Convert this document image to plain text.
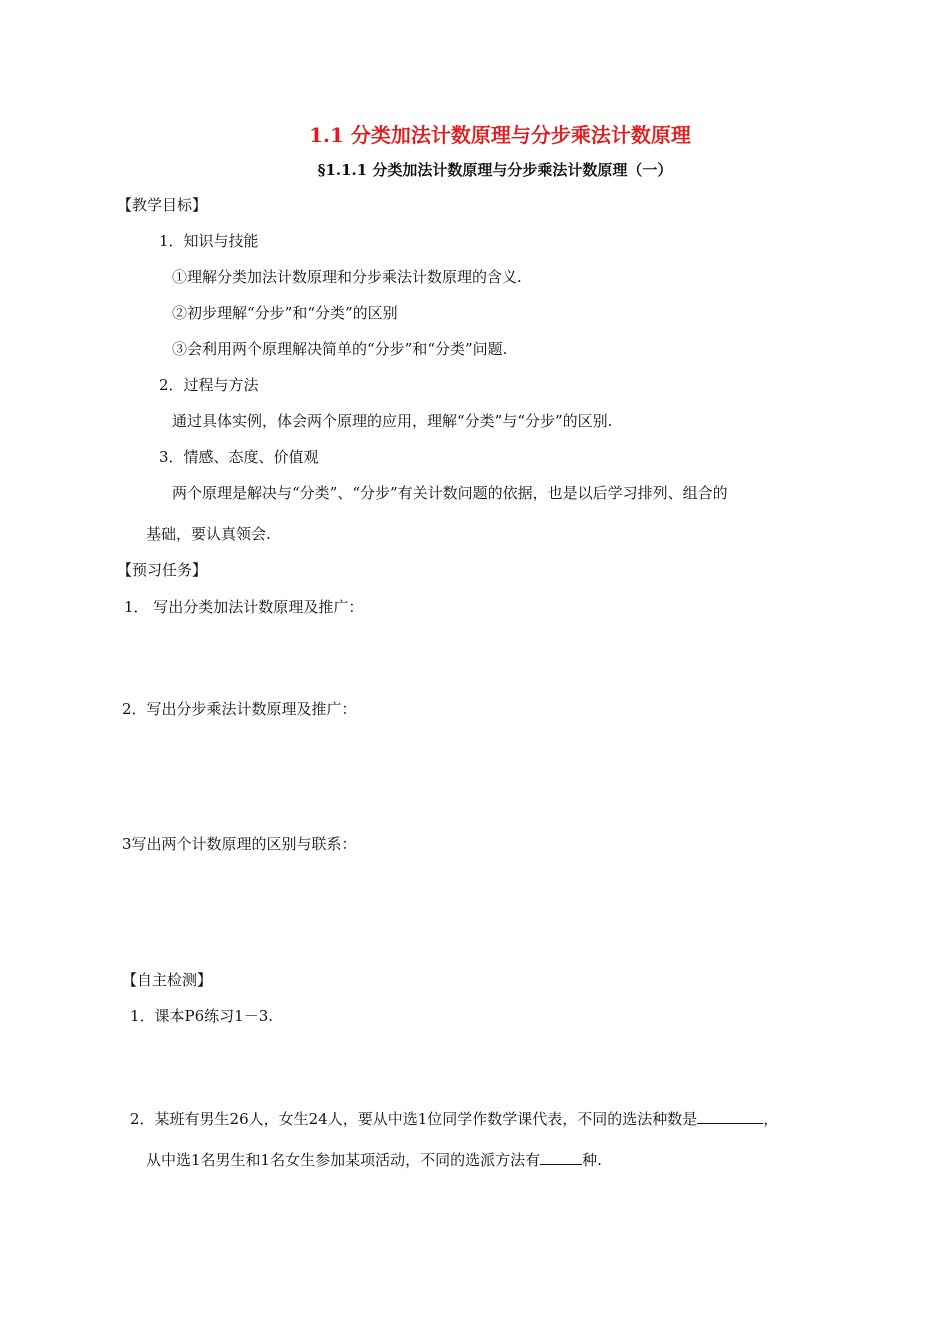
1.1 分类加法计数原理与分步乘法计数原理
§1.1.1 分类加法计数原理与分步乘法计数原理（一）
【教学目标】
1．知识与技能
①理解分类加法计数原理和分步乘法计数原理的含义.
②初步理解“分步”和“分类”的区别
③会利用两个原理解决简单的“分步”和“分类”问题.
2．过程与方法
通过具体实例，体会两个原理的应用，理解“分类”与“分步”的区别.
3．情感、态度、价值观
两个原理是解决与“分类”、“分步”有关计数问题的依据，也是以后学习排列、组合的
基础，要认真领会.
【预习任务】
1． 写出分类加法计数原理及推广：
2．写出分步乘法计数原理及推广：
3写出两个计数原理的区别与联系：
【自主检测】
1．课本P6练习1－3.
2．某班有男生26人，女生24人，要从中选1位同学作数学课代表，不同的选法种数是	，
从中选1名男生和1名女生参加某项活动，不同的选派方法有	种.
